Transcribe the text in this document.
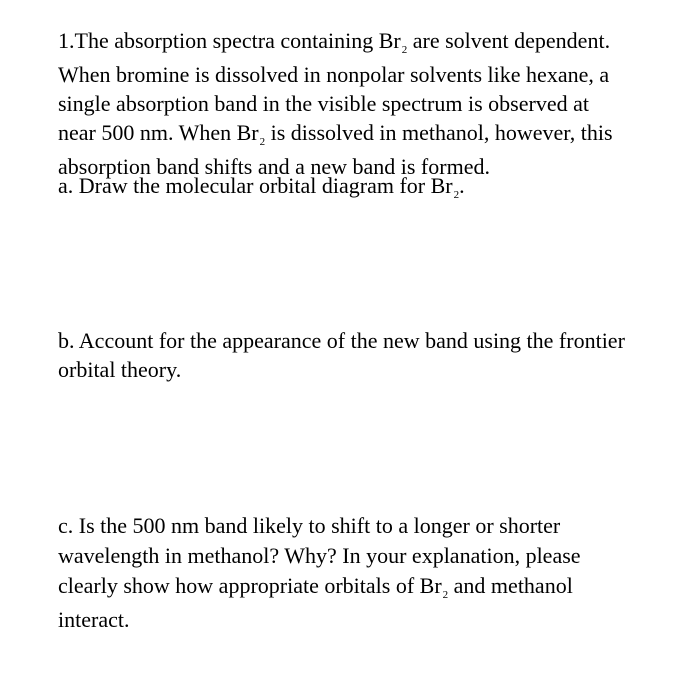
1.The absorption spectra containing $Br_2$ are solvent dependent.
When bromine is dissolved in nonpolar solvents like hexane, a
single absorption band in the visible spectrum is observed at
near 500 nm. When $Br_2$ is dissolved in methanol, however, this
absorption band shifts and a new band is formed.

a. Draw the molecular orbital diagram for $Br_2$.

b. Account for the appearance of the new band using the frontier
orbital theory.

c. Is the 500 nm band likely to shift to a longer or shorter
wavelength in methanol? Why? In your explanation, please
clearly show how appropriate orbitals of $Br_2$ and methanol
interact.
